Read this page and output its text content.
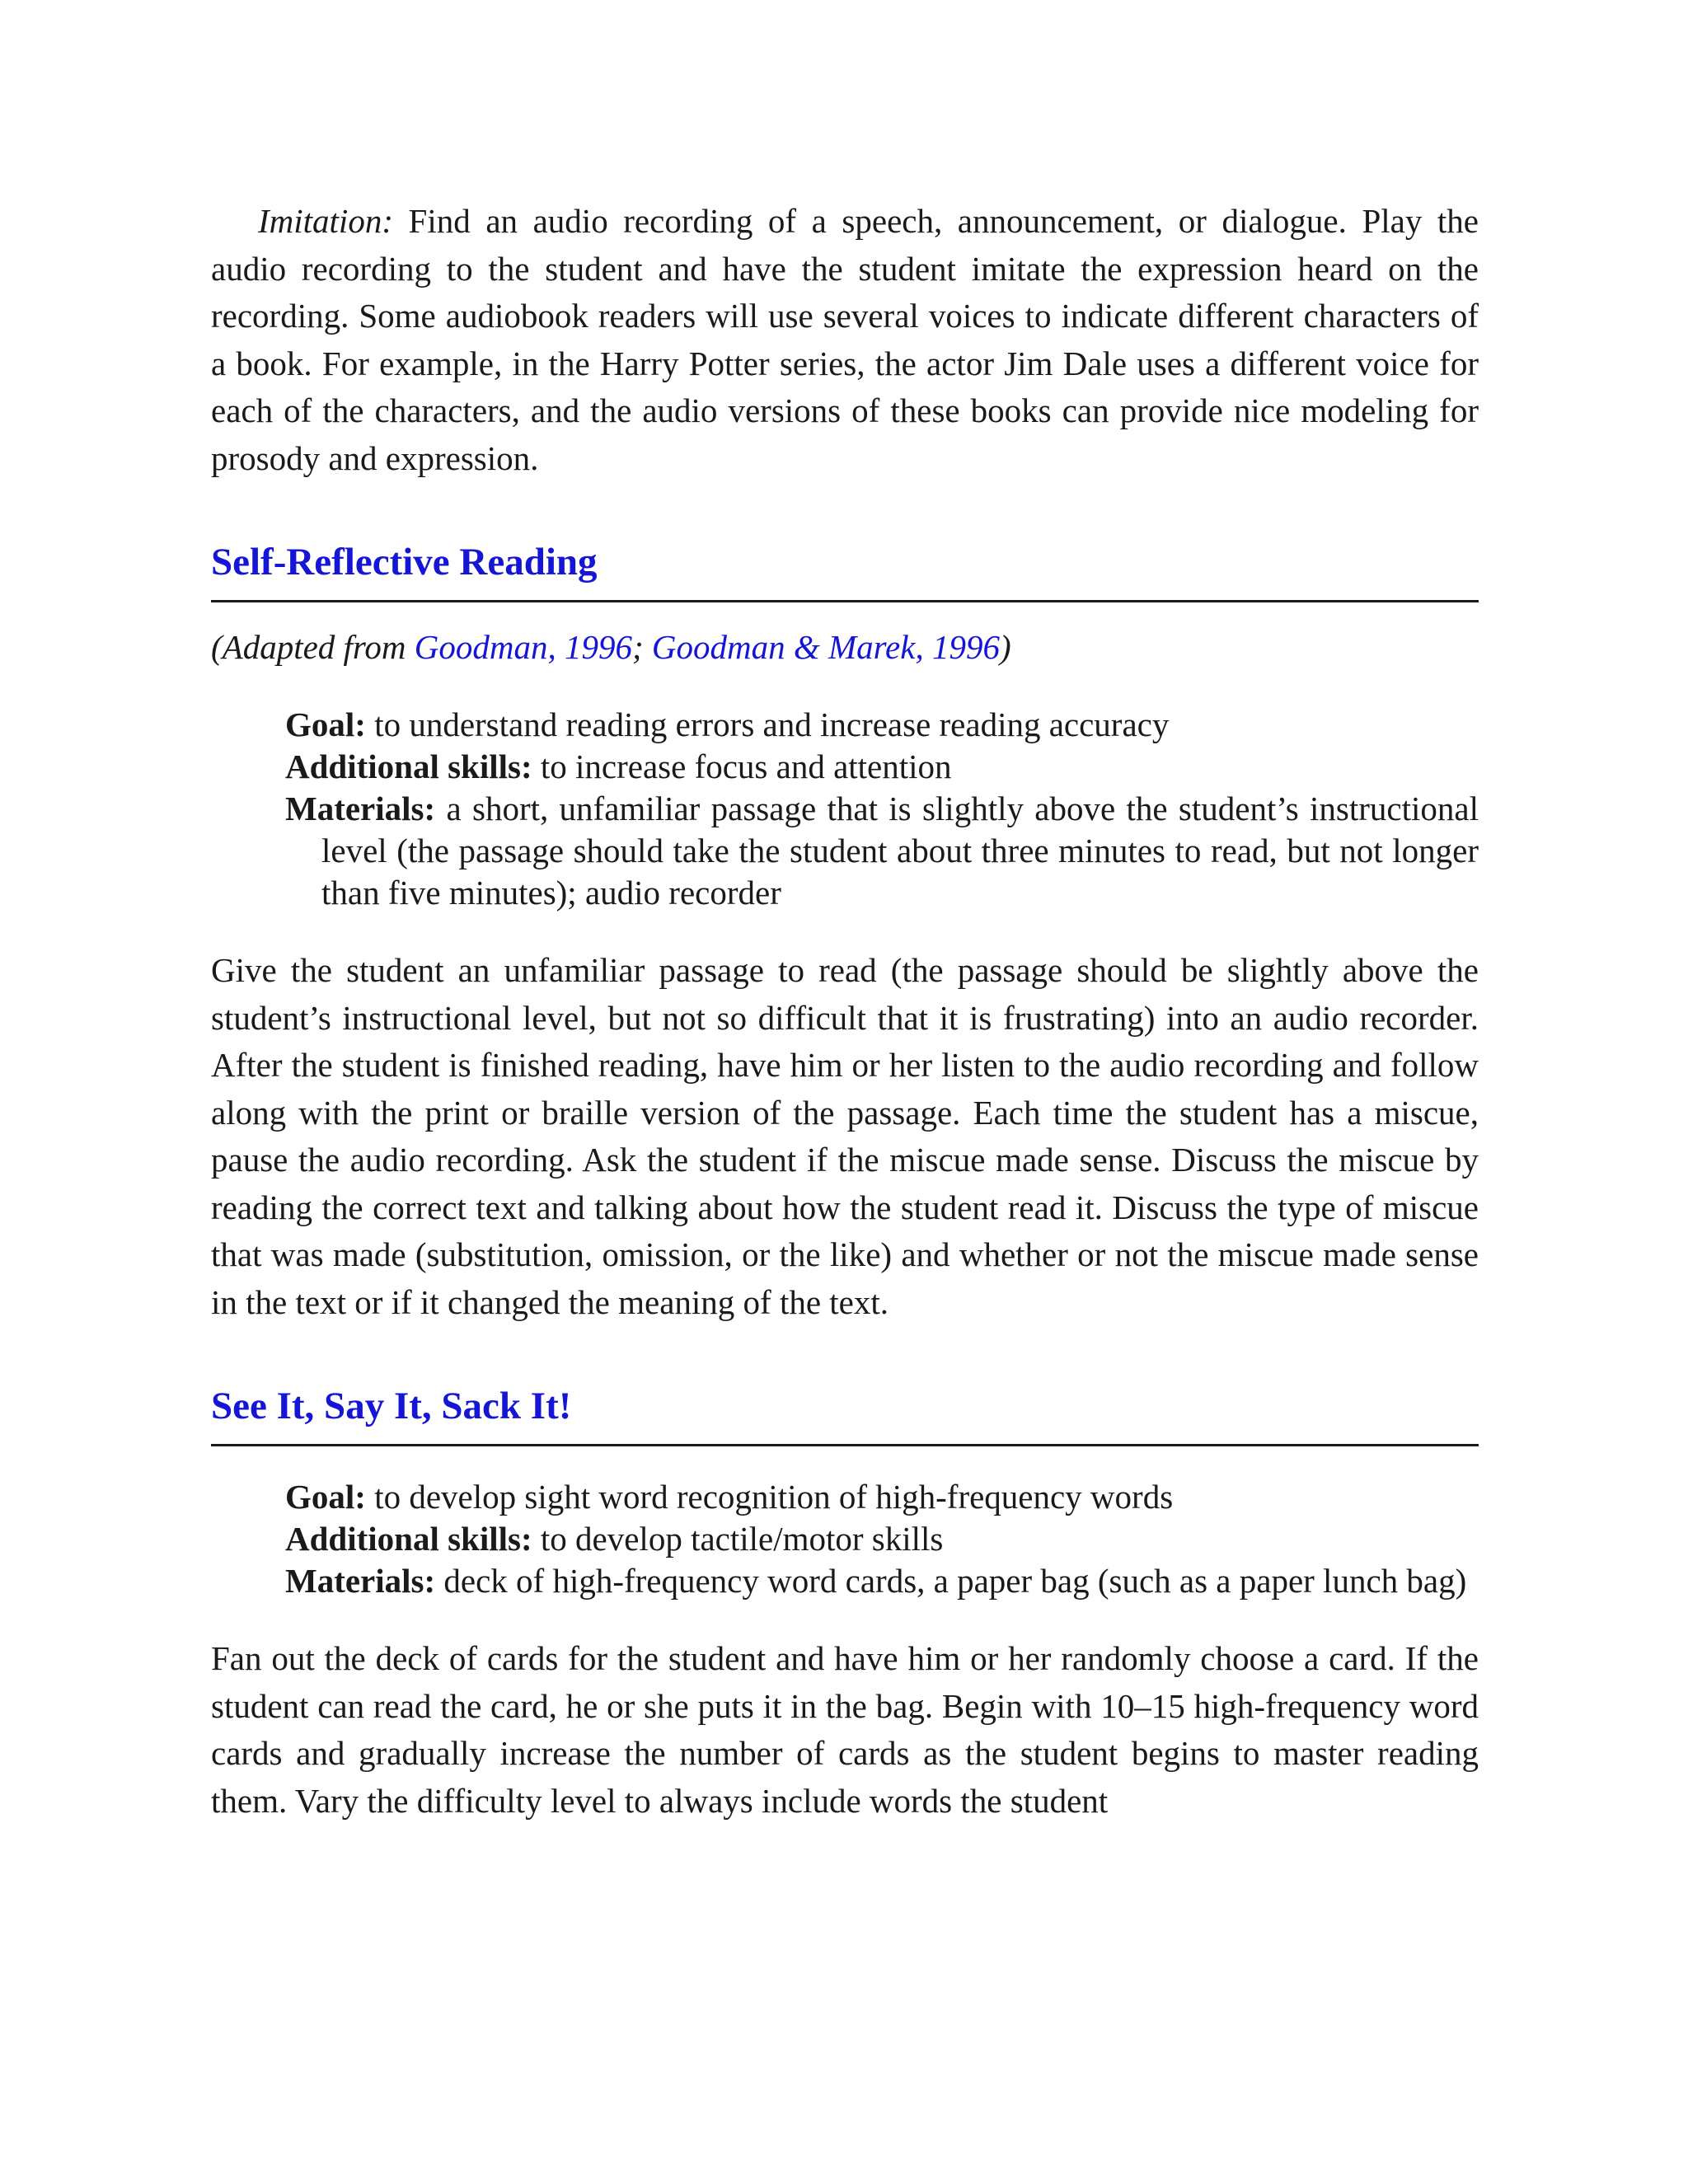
Imitation: Find an audio recording of a speech, announcement, or dialogue. Play the audio recording to the student and have the student imitate the expression heard on the recording. Some audiobook readers will use several voices to indicate different characters of a book. For example, in the Harry Potter series, the actor Jim Dale uses a different voice for each of the characters, and the audio versions of these books can provide nice modeling for prosody and expression.

Self-Reflective Reading

(Adapted from Goodman, 1996; Goodman & Marek, 1996)

Goal: to understand reading errors and increase reading accuracy

Additional skills: to increase focus and attention

Materials: a short, unfamiliar passage that is slightly above the student’s instructional level (the passage should take the student about three minutes to read, but not longer than five minutes); audio recorder

Give the student an unfamiliar passage to read (the passage should be slightly above the student’s instructional level, but not so difficult that it is frustrating) into an audio recorder. After the student is finished reading, have him or her listen to the audio recording and follow along with the print or braille version of the passage. Each time the student has a miscue, pause the audio recording. Ask the student if the miscue made sense. Discuss the miscue by reading the correct text and talking about how the student read it. Discuss the type of miscue that was made (substitution, omission, or the like) and whether or not the miscue made sense in the text or if it changed the meaning of the text.

See It, Say It, Sack It!

Goal: to develop sight word recognition of high-frequency words

Additional skills: to develop tactile/motor skills

Materials: deck of high-frequency word cards, a paper bag (such as a paper lunch bag)

Fan out the deck of cards for the student and have him or her randomly choose a card. If the student can read the card, he or she puts it in the bag. Begin with 10–15 high-frequency word cards and gradually increase the number of cards as the student begins to master reading them. Vary the difficulty level to always include words the student
